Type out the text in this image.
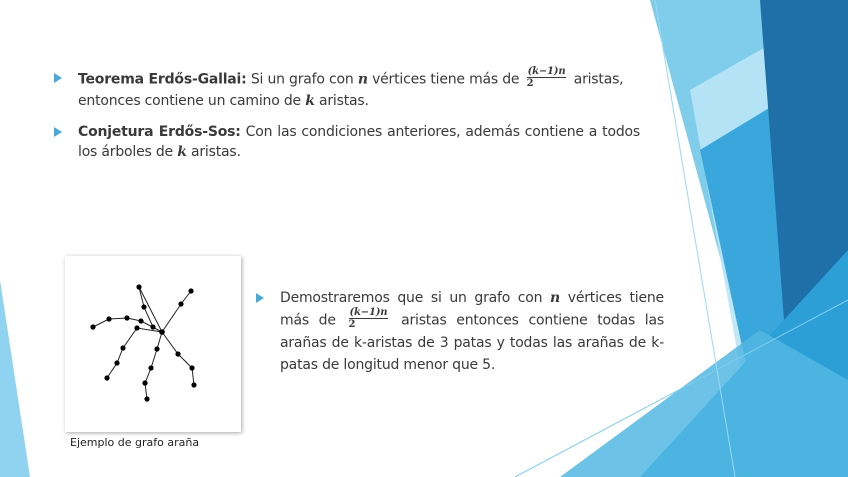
Teorema Erdős-Gallai: Si un grafo con n vértices tiene más de $\frac{(k-1)n}{2}$ aristas,
entonces contiene un camino de k aristas.
Conjetura Erdős-Sos: Con las condiciones anteriores, además contiene a todos los árboles de k aristas.
Ejemplo de grafo araña
Demostraremos que si un grafo con n vértices tiene más de $\frac{(k-1)n}{2}$ aristas entonces contiene todas las arañas de k-aristas de 3 patas y todas las arañas de k-patas de longitud menor que 5.
